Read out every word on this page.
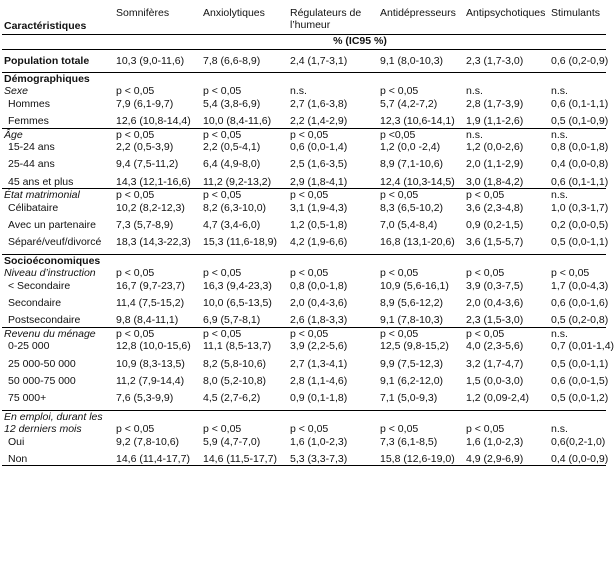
Caractéristiques	Somnifères	Anxiolytiques	Régulateurs de l’humeur	Antidépresseurs	Antipsychotiques	Stimulants
	% (IC95 %)					

Population totale	10,3 (9,0-11,6)	7,8 (6,6-8,9)	2,4 (1,7-3,1)	9,1 (8,0-10,3)	2,3 (1,7-3,0)	0,6 (0,2-0,9)

Démographiques						
Sexe	p < 0,05	p < 0,05	n.s.	p < 0,05	n.s.	n.s.
Hommes	7,9 (6,1-9,7)	5,4 (3,8-6,9)	2,7 (1,6-3,8)	5,7 (4,2-7,2)	2,8 (1,7-3,9)	0,6 (0,1-1,1)

Femmes	12,6 (10,8-14,4)	10,0 (8,4-11,6)	2,2 (1,4-2,9)	12,3 (10,6-14,1)	1,9 (1,1-2,6)	0,5 (0,1-0,9)
Âge	p < 0,05	p < 0,05	p < 0,05	p <0,05	n.s.	n.s.
15-24 ans	2,2 (0,5-3,9)	2,2 (0,5-4,1)	0,6 (0,0-1,4)	1,2 (0,0 -2,4)	1,2 (0,0-2,6)	0,8 (0,0-1,8)

25-44 ans	9,4 (7,5-11,2)	6,4 (4,9-8,0)	2,5 (1,6-3,5)	8,9 (7,1-10,6)	2,0 (1,1-2,9)	0,4 (0,0-0,8)

45 ans et plus	14,3 (12,1-16,6)	11,2 (9,2-13,2)	2,9 (1,8-4,1)	12,4 (10,3-14,5)	3,0 (1,8-4,2)	0,6 (0,1-1,1)
État matrimonial	p < 0,05	p < 0,05	p < 0,05	p < 0,05	p < 0,05	n.s.
Célibataire	10,2 (8,2-12,3)	8,2 (6,3-10,0)	3,1 (1,9-4,3)	8,3 (6,5-10,2)	3,6 (2,3-4,8)	1,0 (0,3-1,7)

Avec un partenaire	7,3 (5,7-8,9)	4,7 (3,4-6,0)	1,2 (0,5-1,8)	7,0 (5,4-8,4)	0,9 (0,2-1,5)	0,2 (0,0-0,5)

Séparé/veuf/divorcé	18,3 (14,3-22,3)	15,3 (11,6-18,9)	4,2 (1,9-6,6)	16,8 (13,1-20,6)	3,6 (1,5-5,7)	0,5 (0,0-1,1)

Socioéconomiques						
Niveau d’instruction	p < 0,05	p < 0,05	p < 0,05	p < 0,05	p < 0,05	p < 0,05
< Secondaire	16,7 (9,7-23,7)	16,3 (9,4-23,3)	0,8 (0,0-1,8)	10,9 (5,6-16,1)	3,9 (0,3-7,5)	1,7 (0,0-4,3)

Secondaire	11,4 (7,5-15,2)	10,0 (6,5-13,5)	2,0 (0,4-3,6)	8,9 (5,6-12,2)	2,0 (0,4-3,6)	0,6 (0,0-1,6)

Postsecondaire	9,8 (8,4-11,1)	6,9 (5,7-8,1)	2,6 (1,8-3,3)	9,1 (7,8-10,3)	2,3 (1,5-3,0)	0,5 (0,2-0,8)
Revenu du ménage	p < 0,05	p < 0,05	p < 0,05	p < 0,05	p < 0,05	n.s.
0-25 000	12,8 (10,0-15,6)	11,1 (8,5-13,7)	3,9 (2,2-5,6)	12,5 (9,8-15,2)	4,0 (2,3-5,6)	0,7 (0,01-1,4)

25 000-50 000	10,9 (8,3-13,5)	8,2 (5,8-10,6)	2,7 (1,3-4,1)	9,9 (7,5-12,3)	3,2 (1,7-4,7)	0,5 (0,0-1,1)

50 000-75 000	11,2 (7,9-14,4)	8,0 (5,2-10,8)	2,8 (1,1-4,6)	9,1 (6,2-12,0)	1,5 (0,0-3,0)	0,6 (0,0-1,5)

75 000+	7,6 (5,3-9,9)	4,5 (2,7-6,2)	0,9 (0,1-1,8)	7,1 (5,0-9,3)	1,2 (0,09-2,4)	0,5 (0,0-1,2)

En emploi, durant les 12 derniers mois	p < 0,05	p < 0,05	p < 0,05	p < 0,05	p < 0,05	n.s.
Oui	9,2 (7,8-10,6)	5,9 (4,7-7,0)	1,6 (1,0-2,3)	7,3 (6,1-8,5)	1,6 (1,0-2,3)	0,6(0,2-1,0)

Non	14,6 (11,4-17,7)	14,6 (11,5-17,7)	5,3 (3,3-7,3)	15,8 (12,6-19,0)	4,9 (2,9-6,9)	0,4 (0,0-0,9)
